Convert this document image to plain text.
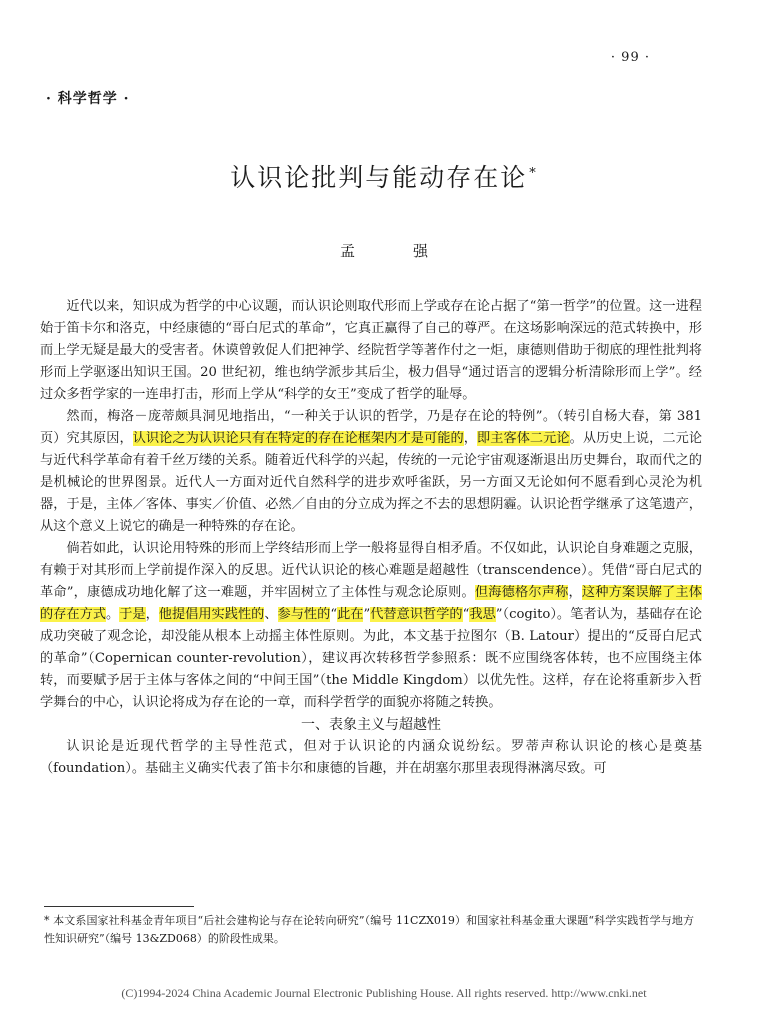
· 99 ·
· 科学哲学 ·
认识论批判与能动存在论 *
孟强

近代以来，知识成为哲学的中心议题，而认识论则取代形而上学或存在论占据了“第一哲学”的位置。这一进程始于笛卡尔和洛克，中经康德的“哥白尼式的革命”，它真正赢得了自己的尊严。在这场影响深远的范式转换中，形而上学无疑是最大的受害者。休谟曾敦促人们把神学、经院哲学等著作付之一炬，康德则借助于彻底的理性批判将形而上学驱逐出知识王国。20 世纪初，维也纳学派步其后尘，极力倡导“通过语言的逻辑分析清除形而上学”。经过众多哲学家的一连串打击，形而上学从“科学的女王”变成了哲学的耻辱。

然而，梅洛－庞蒂颇具洞见地指出，“一种关于认识的哲学，乃是存在论的特例”。（转引自杨大春，第 381 页）究其原因，认识论之为认识论只有在特定的存在论框架内才是可能的，即主客体二元论。从历史上说，二元论与近代科学革命有着千丝万缕的关系。随着近代科学的兴起，传统的一元论宇宙观逐渐退出历史舞台，取而代之的是机械论的世界图景。近代人一方面对近代自然科学的进步欢呼雀跃，另一方面又无论如何不愿看到心灵沦为机器，于是，主体／客体、事实／价值、必然／自由的分立成为挥之不去的思想阴霾。认识论哲学继承了这笔遗产，从这个意义上说它的确是一种特殊的存在论。

倘若如此，认识论用特殊的形而上学终结形而上学一般将显得自相矛盾。不仅如此，认识论自身难题之克服，有赖于对其形而上学前提作深入的反思。近代认识论的核心难题是超越性（transcendence）。凭借“哥白尼式的革命”，康德成功地化解了这一难题，并牢固树立了主体性与观念论原则。但海德格尔声称，这种方案误解了主体的存在方式。于是，他提倡用实践性的、参与性的“此在”代替意识哲学的“我思”（cogito）。笔者认为，基础存在论成功突破了观念论，却没能从根本上动摇主体性原则。为此，本文基于拉图尔（B. Latour）提出的“反哥白尼式的革命”（Copernican counter-revolution），建议再次转移哲学参照系：既不应围绕客体转，也不应围绕主体转，而要赋予居于主体与客体之间的“中间王国”（the Middle Kingdom）以优先性。这样，存在论将重新步入哲学舞台的中心，认识论将成为存在论的一章，而科学哲学的面貌亦将随之转换。

一、表象主义与超越性

认识论是近现代哲学的主导性范式，但对于认识论的内涵众说纷纭。罗蒂声称认识论的核心是奠基（foundation）。基础主义确实代表了笛卡尔和康德的旨趣，并在胡塞尔那里表现得淋漓尽致。可

* 本文系国家社科基金青年项目“后社会建构论与存在论转向研究”（编号 11CZX019）和国家社科基金重大课题“科学实践哲学与地方性知识研究”（编号 13&ZD068）的阶段性成果。
(C)1994-2024 China Academic Journal Electronic Publishing House. All rights reserved. http://www.cnki.net
